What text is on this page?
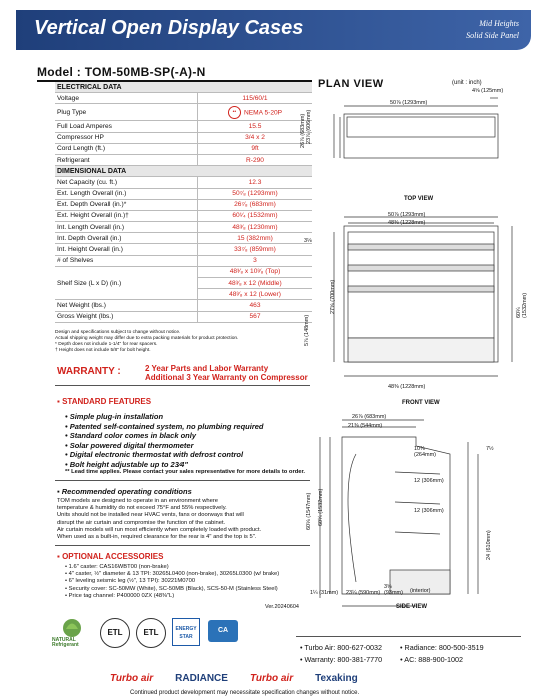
Vertical Open Display Cases	Mid Heights
Solid Side Panel
Model : TOM-50MB-SP(-A)-N
ELECTRICAL DATA	
Voltage	115/60/1
Plug Type	•• NEMA 5-20P
Full Load Amperes	15.5
Compressor HP	3/4 x 2
Cord Length (ft.)	9ft
Refrigerant	R-290
DIMENSIONAL DATA	
Net Capacity (cu. ft.)	12.3
Ext. Length Overall (in.)	50⁷⁄₈ (1293mm)
Ext. Depth Overall (in.)*	26⁷⁄₈ (683mm)
Ext. Height Overall (in.)†	60¹⁄₄ (1532mm)
Int. Length Overall (in.)	48³⁄₈ (1230mm)
Int. Depth Overall (in.)	15 (382mm)
Int. Height Overall (in.)	33⁷⁄₈ (859mm)
# of Shelves	3
Shelf Size (L x D) (in.)	48³⁄₈ x 10³⁄₈ (Top)
	48³⁄₈ x 12 (Middle)
	48³⁄₈ x 12 (Lower)
Net Weight (lbs.)	463
Gross Weight (lbs.)	567
Design and specifications subject to change without notice.
Actual shipping weight may differ due to extra packing materials for product protection.
* Depth does not include 1-1/4" for rear spacers.
† Height does not include 5/8" for bolt height.
WARRANTY :	2 Year Parts and Labor Warranty
Additional 3 Year Warranty on Compressor
▪ STANDARD FEATURES
• Simple plug-in installation
• Patented self-contained system, no plumbing required
• Standard color comes in black only
• Solar powered digital thermometer
• Digital electronic thermostat with defrost control
• Bolt height adjustable up to 23⁄4"
** Lead time applies. Please contact your sales representative for more details to order.
▪ Recommended operating conditions
TOM models are designed to operate in an environment where
temperature & humidity do not exceed 75°F and 55% respectively.
Units should not be installed near HVAC vents, fans or doorways that will
disrupt the air curtain and compromise the function of the cabinet.
Air curtain models will run most efficiently when completely loaded with product.
When used as a built-in, required clearance for the rear is 4" and the top is 5".
▪ OPTIONAL ACCESSORIES
• 1.6" caster: CAS16WBT00 (non-brake)
• 4" caster, ½" diameter & 13 TPI: 30265L0400 (non-brake), 30265L0300 (w/ brake)
• 6" leveling seismic leg (½", 13 TPI): 30221M0700
• Security cover: SC-50MW (White), SC-50MB (Black), SCS-50-M (Stainless Steel)
• Price tag channel: P400000 0ZX (48⅜"L)
Ver.20240604
NATURAL Refrigerant
ETL	ETL	ENERGY STAR
CA
PLAN VIEW	(unit : inch)
50⅞ (1293mm)
4⅝ (125mm)
26⅞ (683mm) 23⅞ (606mm)
TOP VIEW
50⅞ (1293mm)
48⅜ (1228mm)
3⅛
27⅝ (700mm)
5⅞ (148mm)
60¼ (1532mm)
48⅜ (1228mm)
FRONT VIEW
26⅞ (683mm)
21⅜ (544mm)
10⅜ (264mm)
12 (306mm)
12 (306mm)
7½
60⅛ (1547mm) 60¼ (1532mm)
24 (610mm)
3⅝ (93mm)	(interior)
1¼ (31mm) 23¼ (590mm)
SIDE VIEW
• Turbo Air: 800-627-0032	• Radiance: 800-500-3519
• Warranty: 800-381-7770	• AC: 888-900-1002
Turbo air RADIANCE Turbo air Texaking
Continued product development may necessitate specification changes without notice.
